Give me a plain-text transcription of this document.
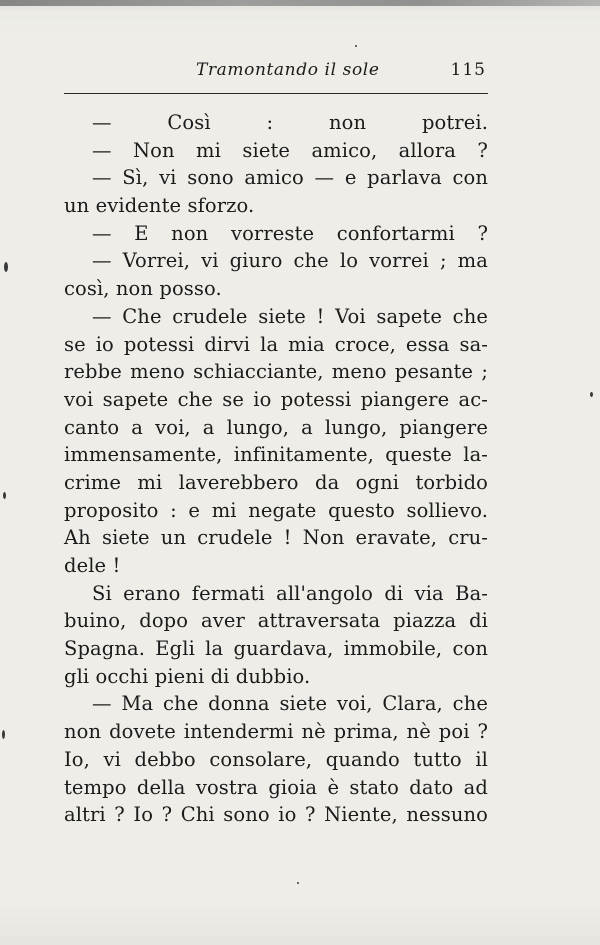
Tramontando il sole	115
— Così : non potrei.
— Non mi siete amico, allora ?
— Sì, vi sono amico — e parlava con
un evidente sforzo.
— E non vorreste confortarmi ?
— Vorrei, vi giuro che lo vorrei ; ma
così, non posso.
— Che crudele siete ! Voi sapete che
se io potessi dirvi la mia croce, essa sa-
rebbe meno schiacciante, meno pesante ;
voi sapete che se io potessi piangere ac-
canto a voi, a lungo, a lungo, piangere
immensamente, infinitamente, queste la-
crime mi laverebbero da ogni torbido
proposito : e mi negate questo sollievo.
Ah siete un crudele ! Non eravate, cru-
dele !
Si erano fermati all'angolo di via Ba-
buino, dopo aver attraversata piazza di
Spagna. Egli la guardava, immobile, con
gli occhi pieni di dubbio.
— Ma che donna siete voi, Clara, che
non dovete intendermi nè prima, nè poi ?
Io, vi debbo consolare, quando tutto il
tempo della vostra gioia è stato dato ad
altri ? Io ? Chi sono io ? Niente, nessuno
